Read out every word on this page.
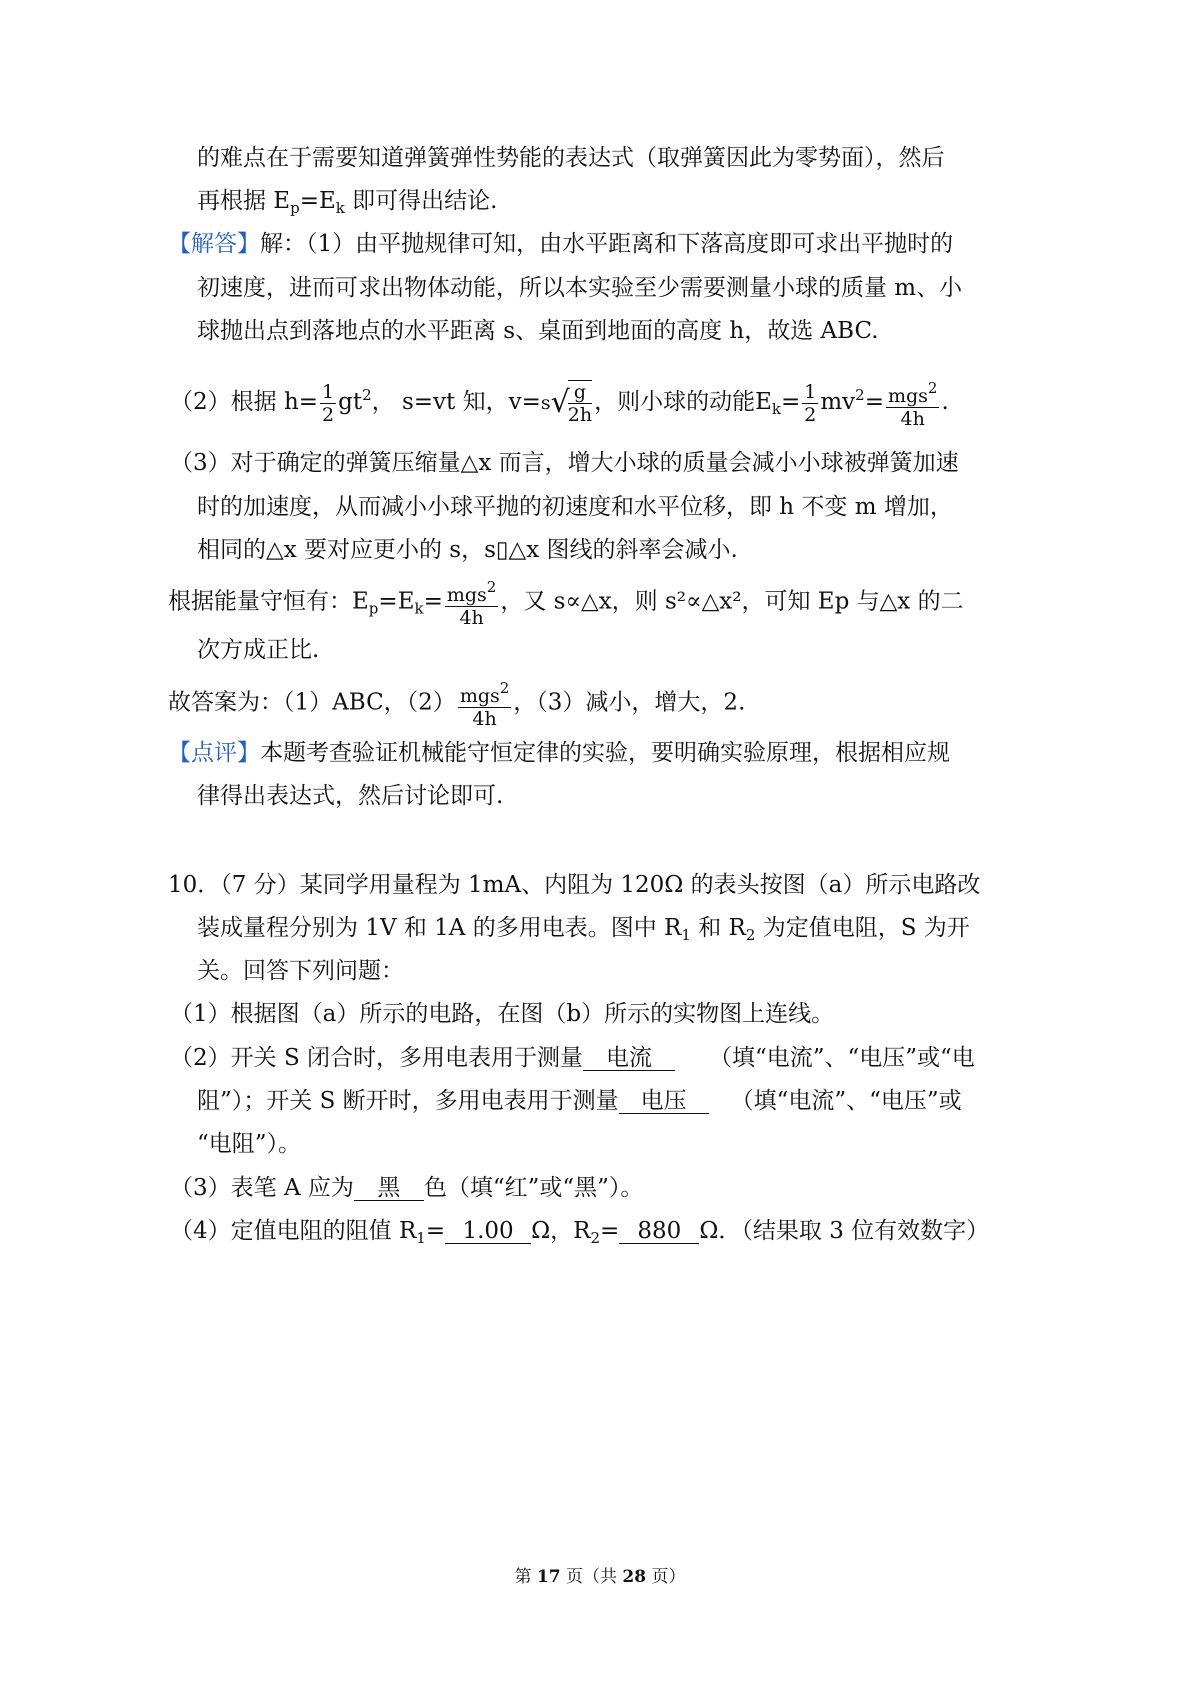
的难点在于需要知道弹簧弹性势能的表达式（取弹簧因此为零势面），然后
再根据 $E_p=E_k$ 即可得出结论.
【解答】解：（1）由平抛规律可知，由水平距离和下落高度即可求出平抛时的
初速度，进而可求出物体动能，所以本实验至少需要测量小球的质量 m、小
球抛出点到落地点的水平距离 s、桌面到地面的高度 h，故选 ABC.
（2）根据 $h= \frac{1}{2} gt^2$， s=vt 知，v=s√
$\frac{g}{2h}$ ，则小球的动能$E_k= \frac{1}{2} mv^2= \frac{mgs^2}{4h}$ .
（3）对于确定的弹簧压缩量△x 而言，增大小球的质量会减小小球被弹簧加速
时的加速度，从而减小小球平抛的初速度和水平位移，即 h 不变 m 增加，
相同的△x 要对应更小的 s，s▯△x 图线的斜率会减小.
根据能量守恒有：$E_p=E_k= \frac{mgs^2}{4h}$ ，又 s∝△x，则 s²∝△x²，可知 Ep 与△x 的二
次方成正比.
故答案为：（1）ABC，$(2) \frac{mgs^2}{4h}$ ，（3）减小，增大，2.
【点评】本题考查验证机械能守恒定律的实验，要明确实验原理，根据相应规
律得出表达式，然后讨论即可.
10．（7 分）某同学用量程为 1mA、内阻为 120Ω 的表头按图（a）所示电路改
装成量程分别为 1V 和 1A 的多用电表。图中 $R_1$ 和 $R_2$ 为定值电阻，S 为开
关。回答下列问题：
（1）根据图（a）所示的电路，在图（b）所示的实物图上连线。
（2）开关 S 闭合时，多用电表用于测量 电流 （填“电流”、“电压”或“电
阻”）；开关 S 断开时，多用电表用于测量 电压 （填“电流”、“电压”或
“电阻”）。
（3）表笔 A 应为 黑 色（填“红”或“黑”）。
（4）定值电阻的阻值 $R_1= 1.00$ Ω，$R_2= 880$ Ω．（结果取 3 位有效数字）
第 17 页（共 28 页）
